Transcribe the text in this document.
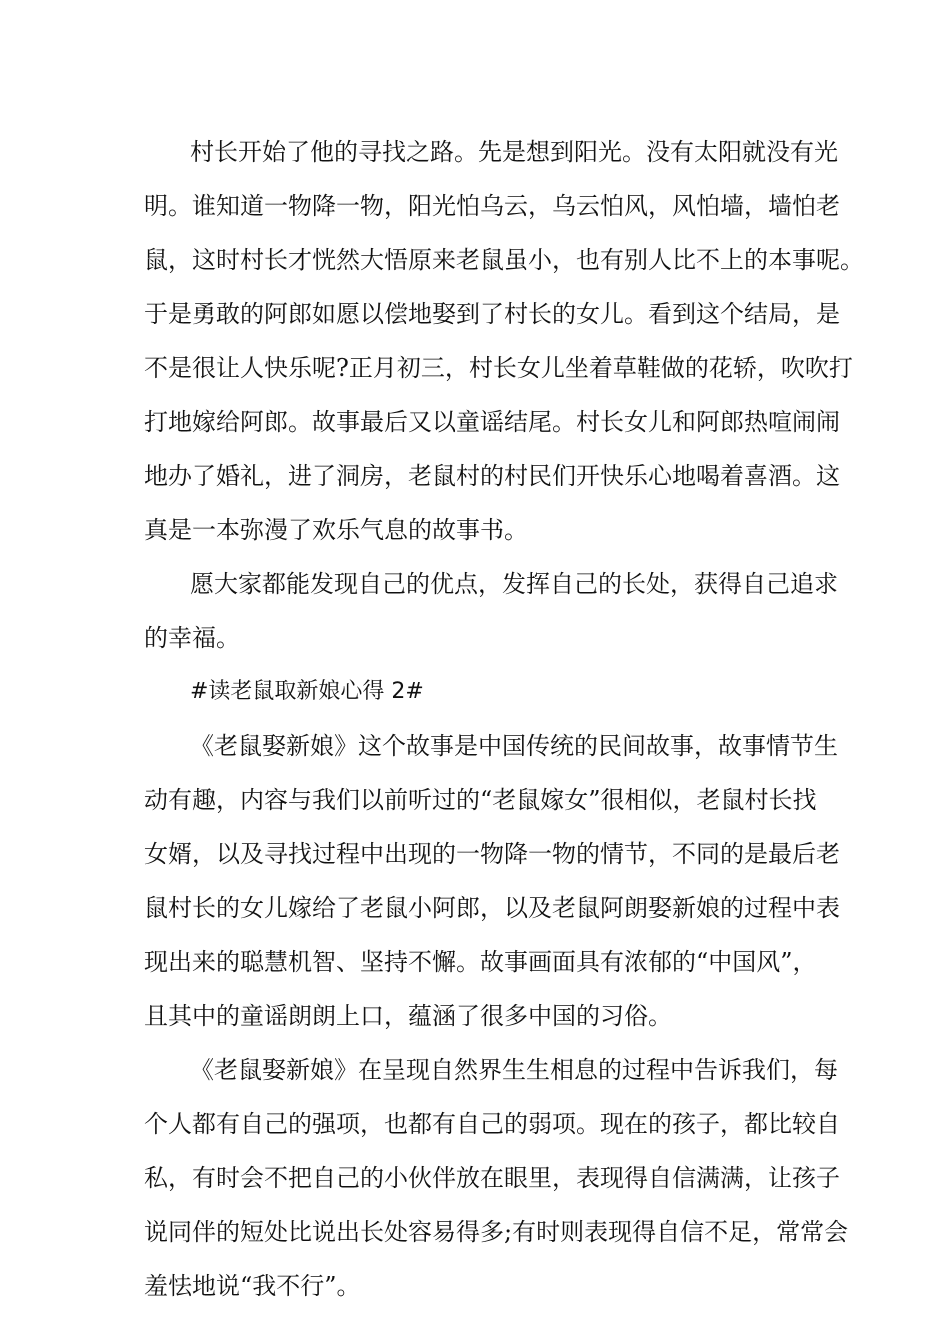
村长开始了他的寻找之路。先是想到阳光。没有太阳就没有光
明。谁知道一物降一物，阳光怕乌云，乌云怕风，风怕墙，墙怕老
鼠，这时村长才恍然大悟原来老鼠虽小，也有别人比不上的本事呢。
于是勇敢的阿郎如愿以偿地娶到了村长的女儿。看到这个结局，是
不是很让人快乐呢?正月初三，村长女儿坐着草鞋做的花轿，吹吹打
打地嫁给阿郎。故事最后又以童谣结尾。村长女儿和阿郎热喧闹闹
地办了婚礼，进了洞房，老鼠村的村民们开快乐心地喝着喜酒。这
真是一本弥漫了欢乐气息的故事书。
愿大家都能发现自己的优点，发挥自己的长处，获得自己追求
的幸福。
#读老鼠取新娘心得 2#
《老鼠娶新娘》这个故事是中国传统的民间故事，故事情节生
动有趣，内容与我们以前听过的“老鼠嫁女”很相似，老鼠村长找
女婿，以及寻找过程中出现的一物降一物的情节，不同的是最后老
鼠村长的女儿嫁给了老鼠小阿郎，以及老鼠阿朗娶新娘的过程中表
现出来的聪慧机智、坚持不懈。故事画面具有浓郁的“中国风”，
且其中的童谣朗朗上口，蕴涵了很多中国的习俗。
《老鼠娶新娘》在呈现自然界生生相息的过程中告诉我们，每
个人都有自己的强项，也都有自己的弱项。现在的孩子，都比较自
私，有时会不把自己的小伙伴放在眼里，表现得自信满满，让孩子
说同伴的短处比说出长处容易得多;有时则表现得自信不足，常常会
羞怯地说“我不行”。
